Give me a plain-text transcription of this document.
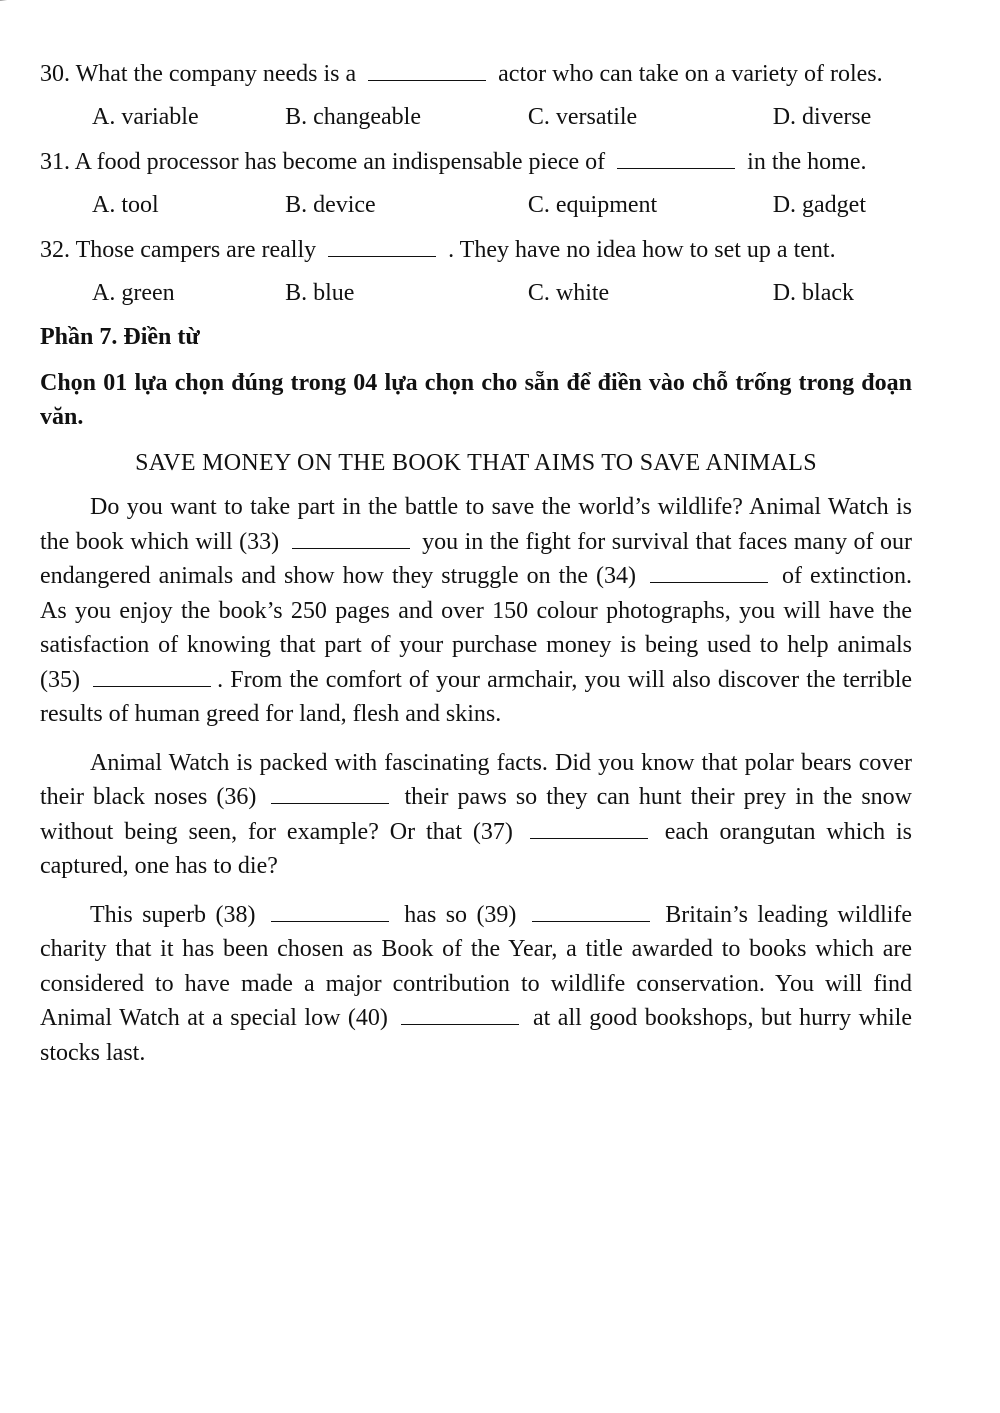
30. What the company needs is a	actor who can take on a variety of roles.

A. variable	B. changeable	C. versatile	D. diverse

31. A food processor has become an indispensable piece of	in the home.

A. tool	B. device	C. equipment	D. gadget

32. Those campers are really	. They have no idea how to set up a tent.

A. green	B. blue	C. white	D. black
Phần 7. Điền từ
Chọn 01 lựa chọn đúng trong 04 lựa chọn cho sẵn để điền vào chỗ trống trong đoạn văn.
SAVE MONEY ON THE BOOK THAT AIMS TO SAVE ANIMALS

Do you want to take part in the battle to save the world’s wildlife? Animal Watch is the book which will (33)	you in the fight for survival that faces many of our endangered animals and show how they struggle on the (34)	of extinction. As you enjoy the book’s 250 pages and over 150 colour photographs, you will have the satisfaction of knowing that part of your purchase money is being used to help animals (35)	. From the comfort of your armchair, you will also discover the terrible results of human greed for land, flesh and skins.

Animal Watch is packed with fascinating facts. Did you know that polar bears cover their black noses (36)	their paws so they can hunt their prey in the snow without being seen, for example? Or that (37)	each orangutan which is captured, one has to die?

This superb (38)	has so (39)	Britain’s leading wildlife charity that it has been chosen as Book of the Year, a title awarded to books which are considered to have made a major contribution to wildlife conservation. You will find Animal Watch at a special low (40)	at all good bookshops, but hurry while stocks last.
